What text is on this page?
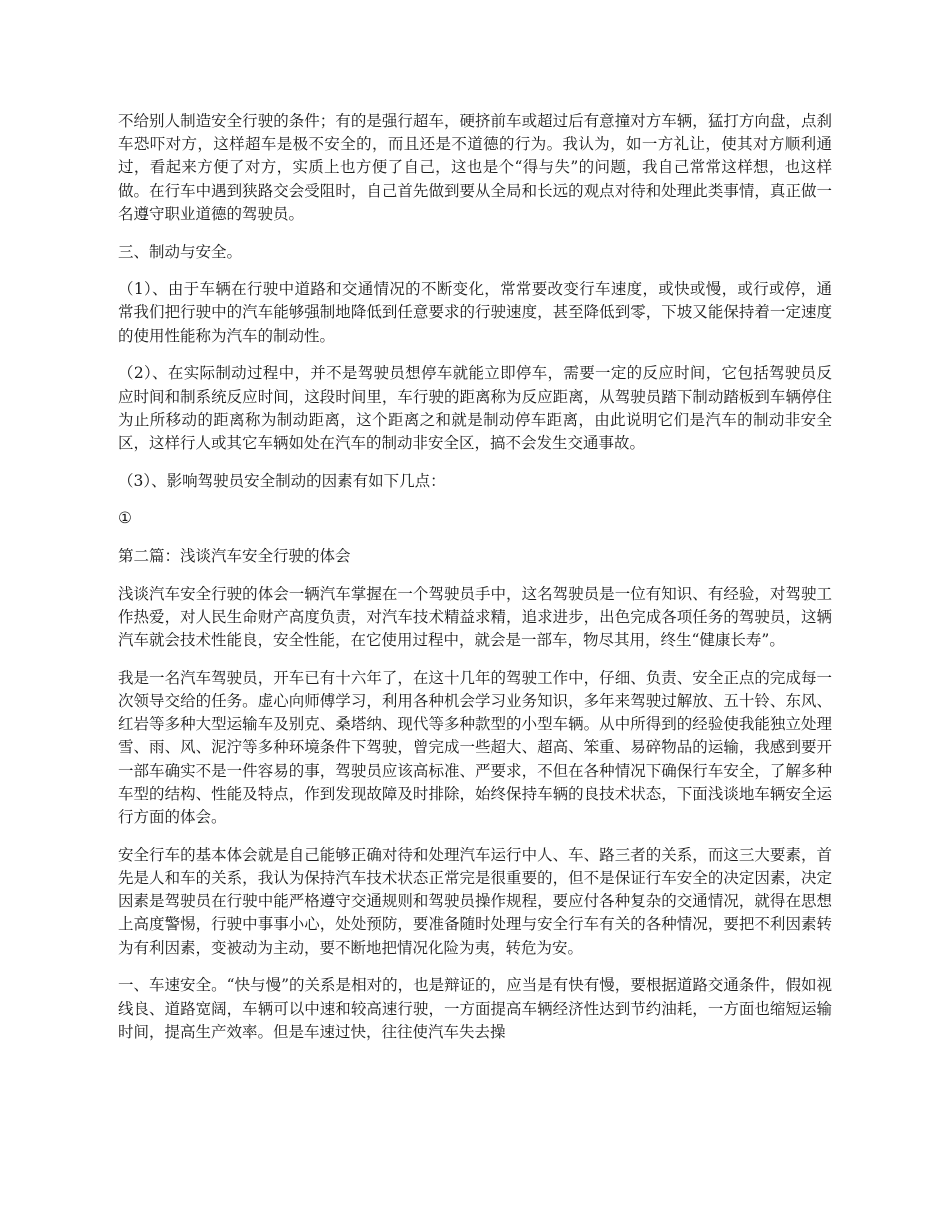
不给别人制造安全行驶的条件；有的是强行超车，硬挤前车或超过后有意撞对方车辆，猛打方向盘，点刹车恐吓对方，这样超车是极不安全的，而且还是不道德的行为。我认为，如一方礼让，使其对方顺利通过，看起来方便了对方，实质上也方便了自己，这也是个“得与失”的问题，我自己常常这样想，也这样做。在行车中遇到狭路交会受阻时，自己首先做到要从全局和长远的观点对待和处理此类事情，真正做一名遵守职业道德的驾驶员。

三、制动与安全。

（1）、由于车辆在行驶中道路和交通情况的不断变化，常常要改变行车速度，或快或慢，或行或停，通常我们把行驶中的汽车能够强制地降低到任意要求的行驶速度，甚至降低到零，下坡又能保持着一定速度的使用性能称为汽车的制动性。

（2）、在实际制动过程中，并不是驾驶员想停车就能立即停车，需要一定的反应时间，它包括驾驶员反应时间和制系统反应时间，这段时间里，车行驶的距离称为反应距离，从驾驶员踏下制动踏板到车辆停住为止所移动的距离称为制动距离，这个距离之和就是制动停车距离，由此说明它们是汽车的制动非安全区，这样行人或其它车辆如处在汽车的制动非安全区，搞不会发生交通事故。

（3）、影响驾驶员安全制动的因素有如下几点：

①

第二篇：浅谈汽车安全行驶的体会

浅谈汽车安全行驶的体会一辆汽车掌握在一个驾驶员手中，这名驾驶员是一位有知识、有经验，对驾驶工作热爱，对人民生命财产高度负责，对汽车技术精益求精，追求进步，出色完成各项任务的驾驶员，这辆汽车就会技术性能良，安全性能，在它使用过程中，就会是一部车，物尽其用，终生“健康长寿”。

我是一名汽车驾驶员，开车已有十六年了，在这十几年的驾驶工作中，仔细、负责、安全正点的完成每一次领导交给的任务。虚心向师傅学习，利用各种机会学习业务知识，多年来驾驶过解放、五十铃、东风、红岩等多种大型运输车及别克、桑塔纳、现代等多种款型的小型车辆。从中所得到的经验使我能独立处理雪、雨、风、泥泞等多种环境条件下驾驶，曾完成一些超大、超高、笨重、易碎物品的运输，我感到要开一部车确实不是一件容易的事，驾驶员应该高标准、严要求，不但在各种情况下确保行车安全，了解多种车型的结构、性能及特点，作到发现故障及时排除，始终保持车辆的良技术状态，下面浅谈地车辆安全运行方面的体会。

安全行车的基本体会就是自己能够正确对待和处理汽车运行中人、车、路三者的关系，而这三大要素，首先是人和车的关系，我认为保持汽车技术状态正常完是很重要的，但不是保证行车安全的决定因素，决定因素是驾驶员在行驶中能严格遵守交通规则和驾驶员操作规程，要应付各种复杂的交通情况，就得在思想上高度警惕，行驶中事事小心，处处预防，要准备随时处理与安全行车有关的各种情况，要把不利因素转为有利因素，变被动为主动，要不断地把情况化险为夷，转危为安。

一、车速安全。“快与慢”的关系是相对的，也是辩证的，应当是有快有慢，要根据道路交通条件，假如视线良、道路宽阔，车辆可以中速和较高速行驶，一方面提高车辆经济性达到节约油耗，一方面也缩短运输时间，提高生产效率。但是车速过快，往往使汽车失去操
